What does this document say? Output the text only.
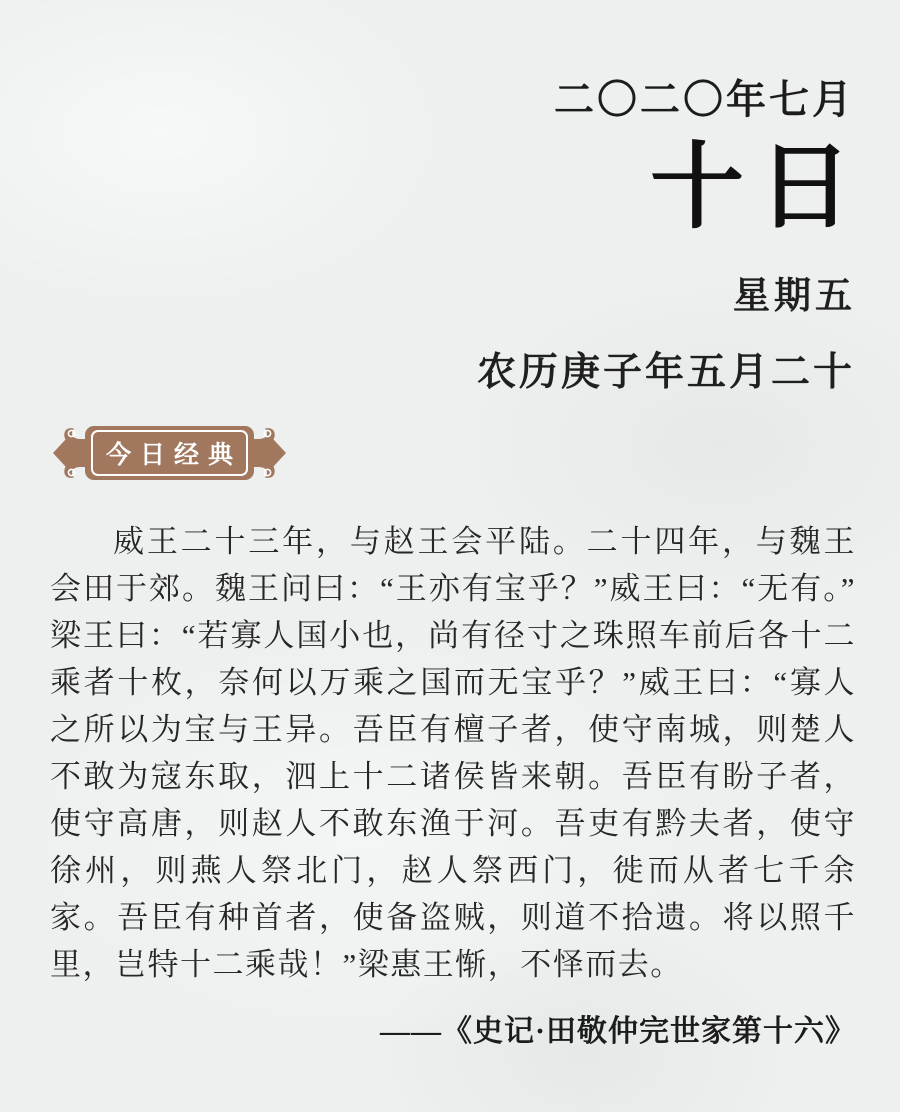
二〇二〇年七月
十日
星期五
农历庚子年五月二十
今日经典

威王二十三年，与赵王会平陆。二十四年，与魏王会田于郊。魏王问曰：“王亦有宝乎？”威王曰：“无有。”梁王曰：“若寡人国小也，尚有径寸之珠照车前后各十二乘者十枚，奈何以万乘之国而无宝乎？”威王曰：“寡人之所以为宝与王异。吾臣有檀子者，使守南城，则楚人不敢为寇东取，泗上十二诸侯皆来朝。吾臣有盼子者，使守高唐，则赵人不敢东渔于河。吾吏有黔夫者，使守徐州，则燕人祭北门，赵人祭西门，徙而从者七千余家。吾臣有种首者，使备盗贼，则道不拾遗。将以照千里，岂特十二乘哉！”梁惠王惭，不怿而去。

——《史记·田敬仲完世家第十六》
